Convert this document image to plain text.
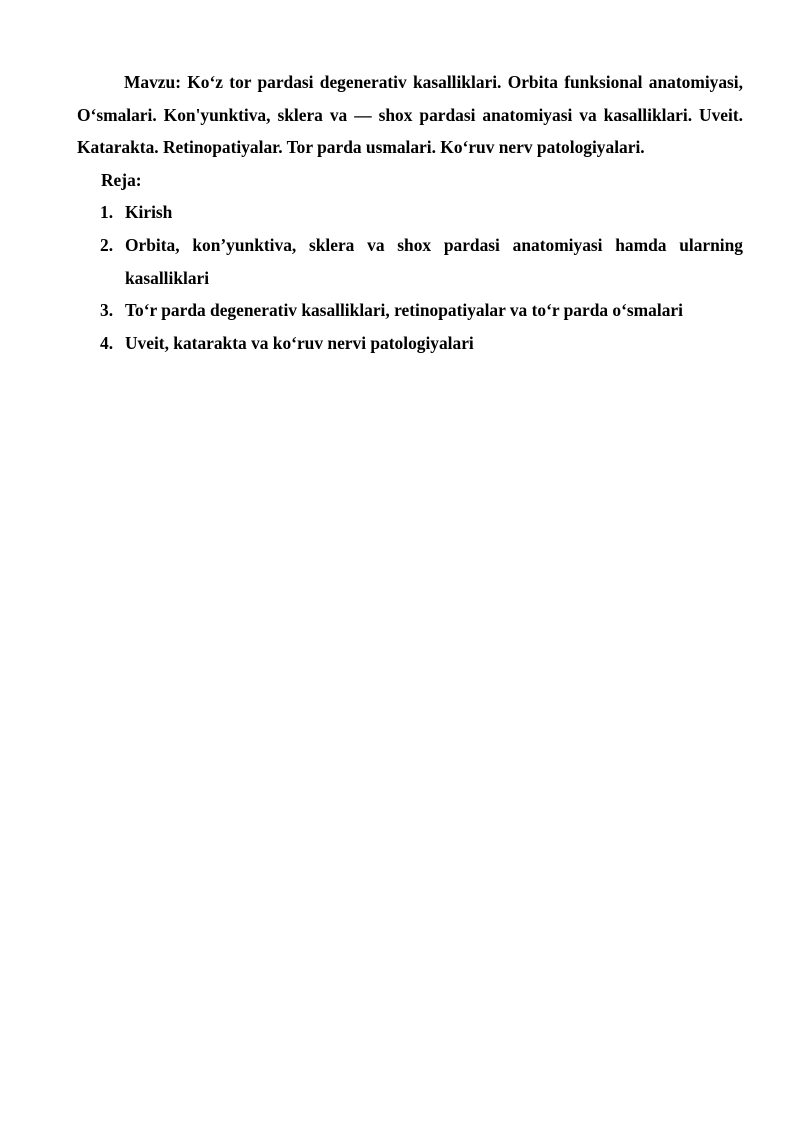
Mavzu: Ko‘z tor pardasi degenerativ kasalliklari. Orbita funksional anatomiyasi, O‘smalari. Kon'yunktiva, sklera va — shox pardasi anatomiyasi va kasalliklari. Uveit. Katarakta. Retinopatiyalar. Tor parda usmalari. Ko‘ruv nerv patologiyalari.

Reja:

1. Kirish
2. Orbita, kon’yunktiva, sklera va shox pardasi anatomiyasi hamda ularning kasalliklari
3. To‘r parda degenerativ kasalliklari, retinopatiyalar va to‘r parda o‘smalari
4. Uveit, katarakta va ko‘ruv nervi patologiyalari
